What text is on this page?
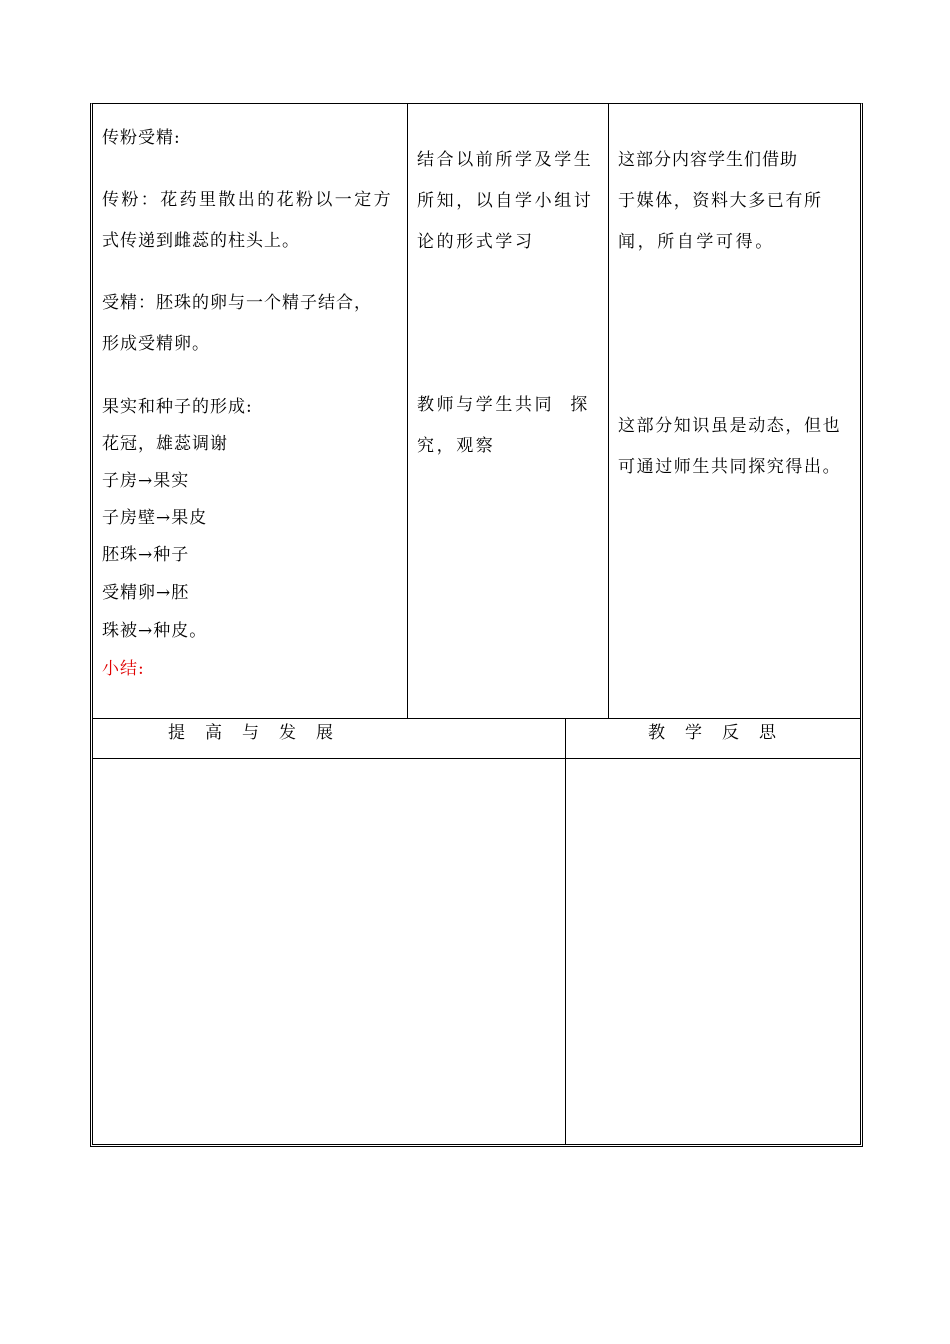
传粉受精:
传粉：花药里散出的花粉以一定方
式传递到雌蕊的柱头上。
受精：胚珠的卵与一个精子结合，
形成受精卵。
果实和种子的形成:
花冠，雄蕊调谢
子房→果实
子房壁→果皮
胚珠→种子
受精卵→胚
珠被→种皮。
小结:
结合以前所学及学生
所知，以自学小组讨
论的形式学习
教师与学生共同  探
究，观察
这部分内容学生们借助
于媒体，资料大多已有所
闻，所自学可得。
这部分知识虽是动态，但也
可通过师生共同探究得出。
提高与发展	教学反思
